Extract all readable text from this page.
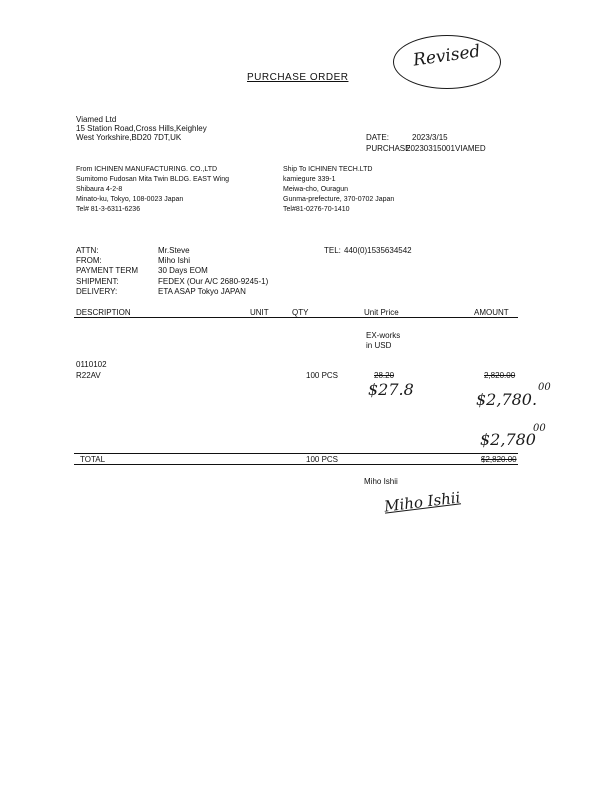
PURCHASE ORDER
Revised
Viamed Ltd
15 Station Road,Cross Hills,Keighley
West Yorkshire,BD20 7DT,UK	DATE:	2023/3/15
PURCHASE
20230315001VIAMED
From ICHINEN MANUFACTURING. CO.,LTD
Sumitomo Fudosan Mita Twin BLDG. EAST Wing
Shibaura 4-2-8
Minato-ku, Tokyo, 108-0023 Japan
Tel# 81-3-6311-6236
Ship To ICHINEN TECH.LTD
kamiegure 339-1
Meiwa-cho, Ouragun
Gunma-prefecture, 370-0702 Japan
Tel#81-0276-70-1410
ATTN:	Mr.Steve	TEL: 440(0)1535634542
FROM:	Miho Ishi
PAYMENT TERM 30 Days EOM
SHIPMENT:	FEDEX (Our A/C 2680-9245-1)
DELIVERY:	ETA ASAP Tokyo JAPAN
DESCRIPTION	UNIT	QTY	Unit Price	AMOUNT
EX-works
in USD
0110102
R22AV	100 PCS	28.20	2,820.00
$27.8
$2,780.
00
$2,780
00
TOTAL	100 PCS	$2,820.00
Miho Ishii
Miho Ishii
